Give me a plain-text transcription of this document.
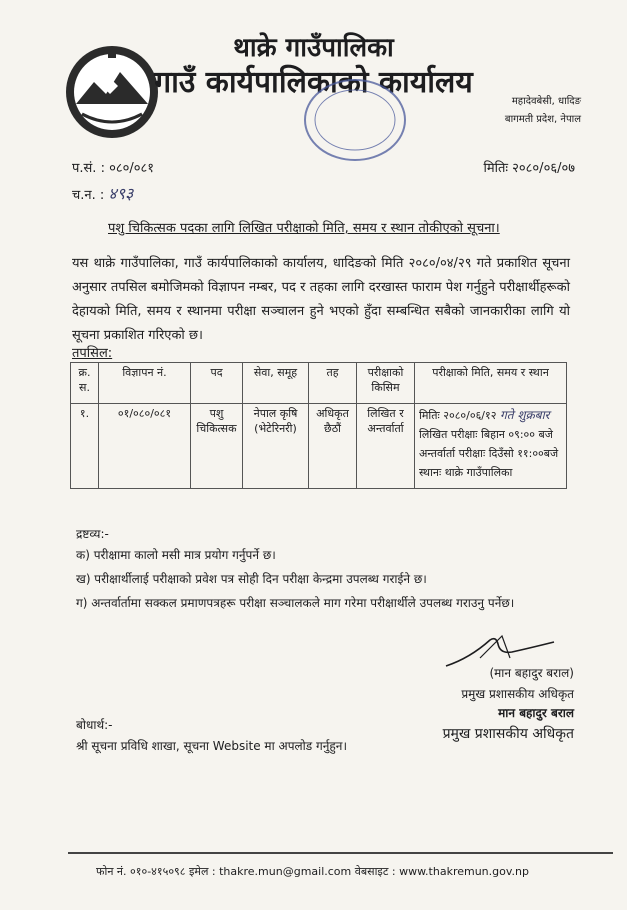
थाक्रे गाउँपालिका
गाउँ कार्यपालिकाको कार्यालय
महादेवबेसी, धादिङ
बागमती प्रदेश, नेपाल
प.सं. : ०८०/०८१
च.न. : ४९३
मितिः २०८०/०६/०७
पशु चिकित्सक पदका लागि लिखित परीक्षाको मिति, समय र स्थान तोकीएको सूचना।
यस थाक्रे गाउँपालिका, गाउँ कार्यपालिकाको कार्यालय, धादिङको मिति २०८०/०४/२९ गते प्रकाशित सूचना अनुसार तपसिल बमोजिमको विज्ञापन नम्बर, पद र तहका लागि दरखास्त फाराम पेश गर्नुहुने परीक्षार्थीहरूको देहायको मिति, समय र स्थानमा परीक्षा सञ्चालन हुने भएको हुँदा सम्बन्धित सबैको जानकारीका लागि यो सूचना प्रकाशित गरिएको छ।
तपसिल:
क्र. स.	विज्ञापन नं.	पद	सेवा, समूह	तह	परीक्षाको किसिम	परीक्षाको मिति, समय र स्थान
१.	०१/०८०/०८१	पशु चिकित्सक	नेपाल कृषि (भेटेरिनरी)	अधिकृत छैठौं	लिखित र अन्तर्वार्ता	मितिः २०८०/०६/१२ गते शुक्रबार
लिखित परीक्षाः बिहान ०९:०० बजे
अन्तर्वार्ता परीक्षाः दिउँसो ११:००बजे
स्थानः थाक्रे गाउँपालिका
द्रष्टव्य:-
क) परीक्षामा कालो मसी मात्र प्रयोग गर्नुपर्ने छ।
ख) परीक्षार्थीलाई परीक्षाको प्रवेश पत्र सोही दिन परीक्षा केन्द्रमा उपलब्ध गराईने छ।
ग) अन्तर्वार्तामा सक्कल प्रमाणपत्रहरू परीक्षा सञ्चालकले माग गरेमा परीक्षार्थीले उपलब्ध गराउनु पर्नेछ।
(मान बहादुर बराल)
प्रमुख प्रशासकीय अधिकृत
मान बहादुर बराल
प्रमुख प्रशासकीय अधिकृत
बोधार्थ:-
श्री सूचना प्रविधि शाखा, सूचना Website मा अपलोड गर्नुहुन।
फोन नं. ०१०-४१५०९८ इमेल : thakre.mun@gmail.com वेबसाइट : www.thakremun.gov.np
